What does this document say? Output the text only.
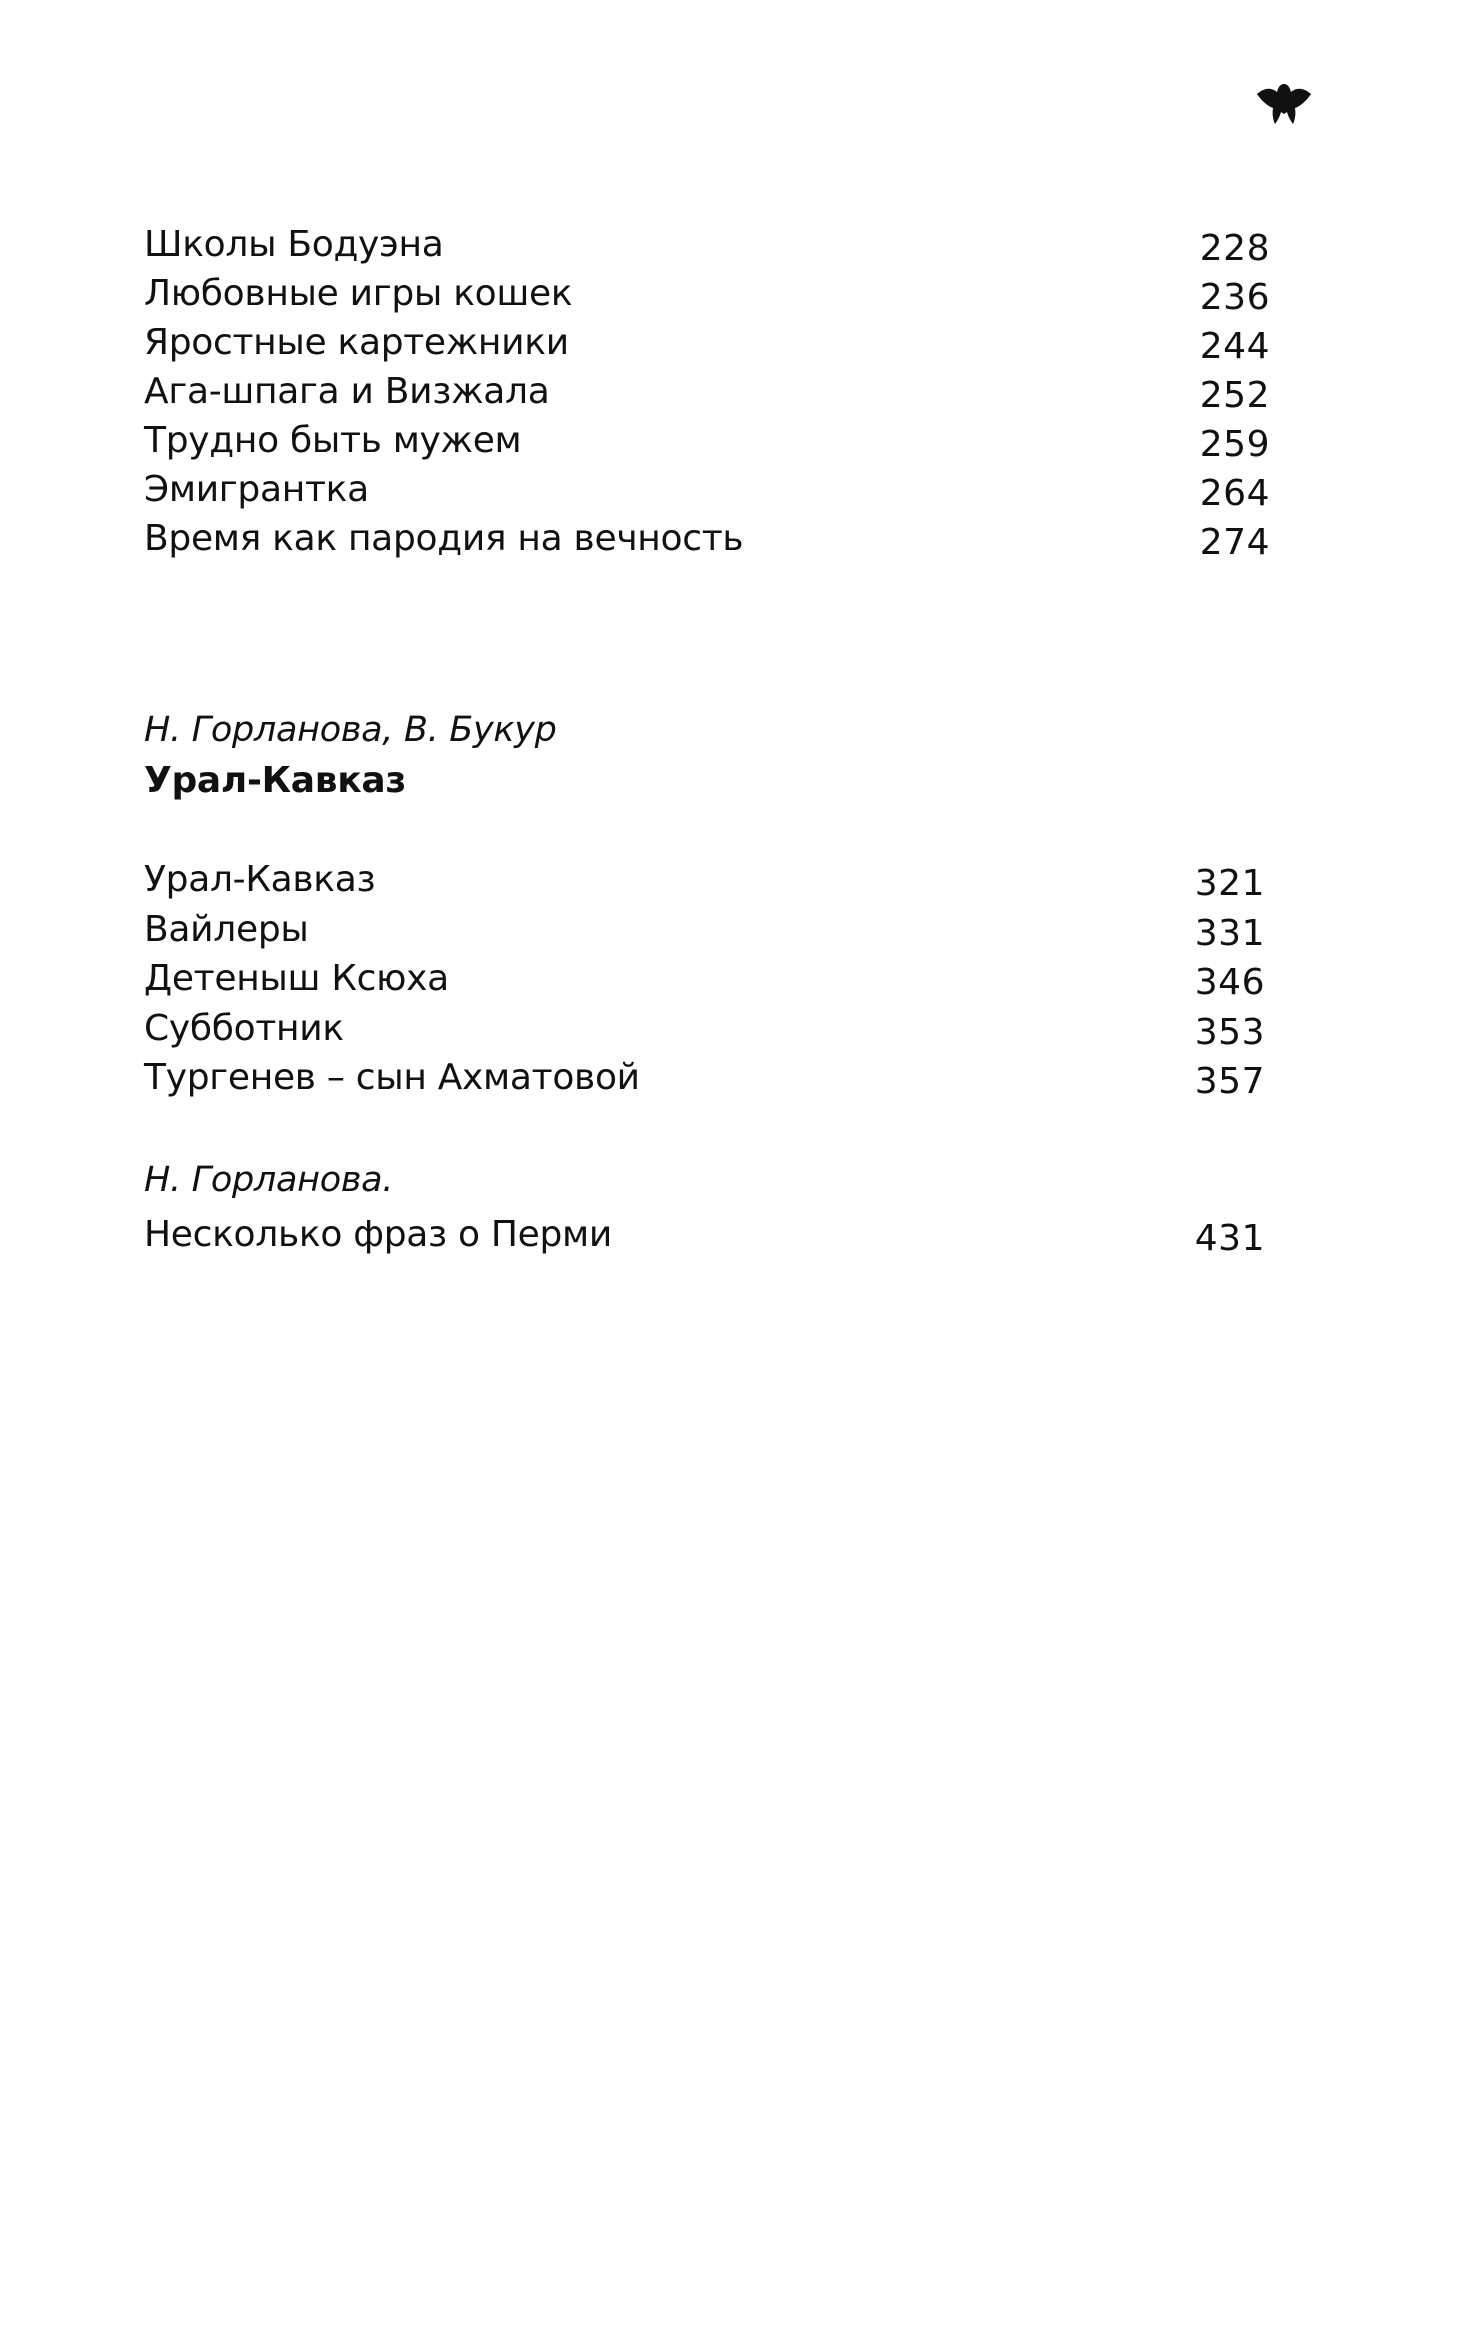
Школы Бодуэна	228
Любовные игры кошек	236
Яростные картежники	244
Ага-шпага и Визжала	252
Трудно быть мужем	259
Эмигрантка	264
Время как пародия на вечность	274
Н. Горланова, В. Букур
Урал-Кавказ
Урал-Кавказ	321
Вайлеры	331
Детеныш Ксюха	346
Субботник	353
Тургенев – сын Ахматовой	357
Н. Горланова.
Несколько фраз о Перми	431
